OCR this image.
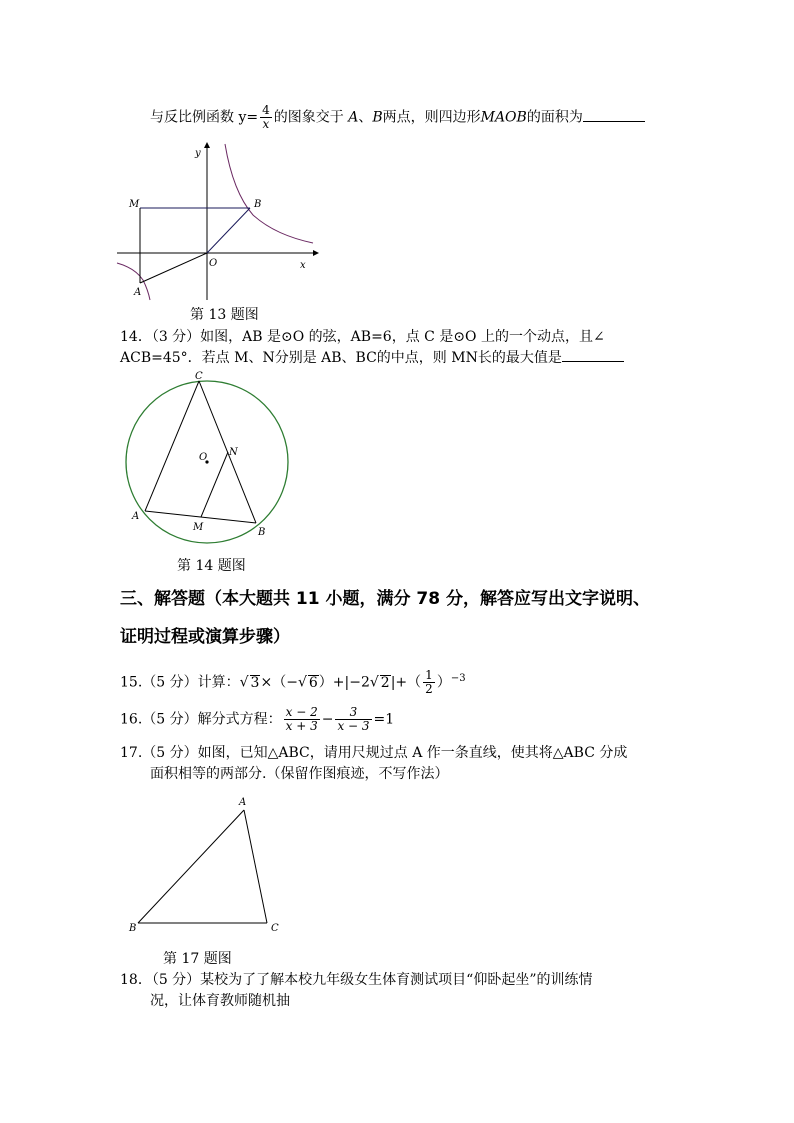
与反比例函数 $y= \frac{4}{x}$ 的图象交于 A、B两点，则四边形MAOB的面积为
y
x
M	B
O
A
第 13 题图
14．（3 分）如图，AB 是⊙O 的弦，AB=6，点 C 是⊙O 上的一个动点，且∠
ACB=45°．若点 M、N分别是 AB、BC的中点，则 MN长的最大值是
C
O N
A
M	B
第 14 题图
三、解答题（本大题共 11 小题，满分 78 分，解答应写出文字说明、
证明过程或演算步骤）
15.（5 分）计算：√ 3×（−√ 6）+|−2√ $2|+( \frac{1}{2} )^{-3}$
16.（5 分）解分式方程： $\frac{x - 2}{x + 3} - \frac{3}{x - 3} =1$
17.（5 分）如图，已知△ABC，请用尺规过点 A 作一条直线，使其将△ABC 分成
面积相等的两部分.（保留作图痕迹，不写作法）
A
B	C
第 17 题图
18．（5 分）某校为了了解本校九年级女生体育测试项目“仰卧起坐”的训练情
况，让体育教师随机抽
